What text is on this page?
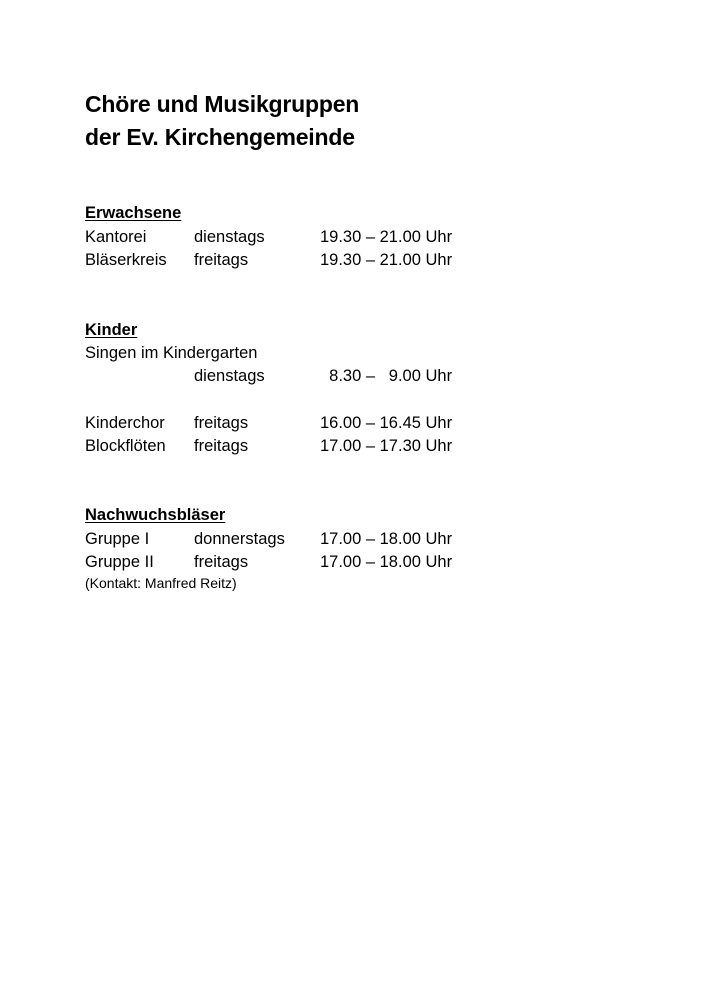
Chöre und Musikgruppen
der Ev. Kirchengemeinde
Erwachsene
Kantorei	dienstags	19.30 – 21.00 Uhr
Bläserkreis freitags	19.30 – 21.00 Uhr
Kinder
Singen im Kindergarten
dienstags	8.30 –   9.00 Uhr
Kinderchor freitags	16.00 – 16.45 Uhr
Blockflöten freitags	17.00 – 17.30 Uhr
Nachwuchsbläser
Gruppe I	donnerstags 17.00 – 18.00 Uhr
Gruppe II freitags	17.00 – 18.00 Uhr
(Kontakt: Manfred Reitz)
